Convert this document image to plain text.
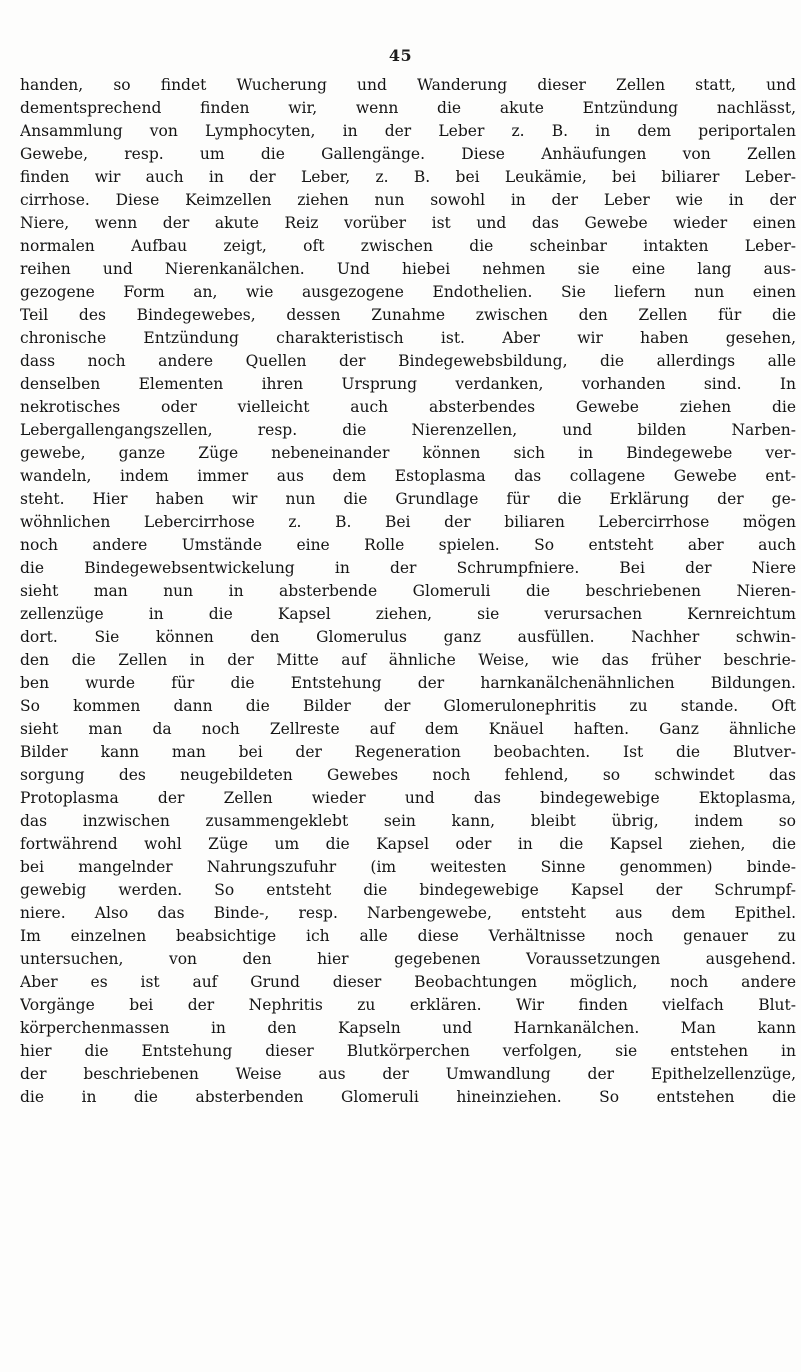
45
handen, so findet Wucherung und Wanderung dieser Zellen statt, und
dementsprechend finden wir, wenn die akute Entzündung nachlässt,
Ansammlung von Lymphocyten, in der Leber z. B. in dem periportalen
Gewebe, resp. um die Gallengänge. Diese Anhäufungen von Zellen
finden wir auch in der Leber, z. B. bei Leukämie, bei biliarer Leber-
cirrhose. Diese Keimzellen ziehen nun sowohl in der Leber wie in der
Niere, wenn der akute Reiz vorüber ist und das Gewebe wieder einen
normalen Aufbau zeigt, oft zwischen die scheinbar intakten Leber-
reihen und Nierenkanälchen. Und hiebei nehmen sie eine lang aus-
gezogene Form an, wie ausgezogene Endothelien. Sie liefern nun einen
Teil des Bindegewebes, dessen Zunahme zwischen den Zellen für die
chronische Entzündung charakteristisch ist. Aber wir haben gesehen,
dass noch andere Quellen der Bindegewebsbildung, die allerdings alle
denselben Elementen ihren Ursprung verdanken, vorhanden sind. In
nekrotisches oder vielleicht auch absterbendes Gewebe ziehen die
Lebergallengangszellen, resp. die Nierenzellen, und bilden Narben-
gewebe, ganze Züge nebeneinander können sich in Bindegewebe ver-
wandeln, indem immer aus dem Estoplasma das collagene Gewebe ent-
steht. Hier haben wir nun die Grundlage für die Erklärung der ge-
wöhnlichen Lebercirrhose z. B. Bei der biliaren Lebercirrhose mögen
noch andere Umstände eine Rolle spielen. So entsteht aber auch
die Bindegewebsentwickelung in der Schrumpfniere. Bei der Niere
sieht man nun in absterbende Glomeruli die beschriebenen Nieren-
zellenzüge in die Kapsel ziehen, sie verursachen Kernreichtum
dort. Sie können den Glomerulus ganz ausfüllen. Nachher schwin-
den die Zellen in der Mitte auf ähnliche Weise, wie das früher beschrie-
ben wurde für die Entstehung der harnkanälchenähnlichen Bildungen.
So kommen dann die Bilder der Glomerulonephritis zu stande. Oft
sieht man da noch Zellreste auf dem Knäuel haften. Ganz ähnliche
Bilder kann man bei der Regeneration beobachten. Ist die Blutver-
sorgung des neugebildeten Gewebes noch fehlend, so schwindet das
Protoplasma der Zellen wieder und das bindegewebige Ektoplasma,
das inzwischen zusammengeklebt sein kann, bleibt übrig, indem so
fortwährend wohl Züge um die Kapsel oder in die Kapsel ziehen, die
bei mangelnder Nahrungszufuhr (im weitesten Sinne genommen) binde-
gewebig werden. So entsteht die bindegewebige Kapsel der Schrumpf-
niere. Also das Binde-, resp. Narbengewebe, entsteht aus dem Epithel.
Im einzelnen beabsichtige ich alle diese Verhältnisse noch genauer zu
untersuchen, von den hier gegebenen Voraussetzungen ausgehend.
Aber es ist auf Grund dieser Beobachtungen möglich, noch andere
Vorgänge bei der Nephritis zu erklären. Wir finden vielfach Blut-
körperchenmassen in den Kapseln und Harnkanälchen. Man kann
hier die Entstehung dieser Blutkörperchen verfolgen, sie entstehen in
der beschriebenen Weise aus der Umwandlung der Epithelzellenzüge,
die in die absterbenden Glomeruli hineinziehen. So entstehen die
